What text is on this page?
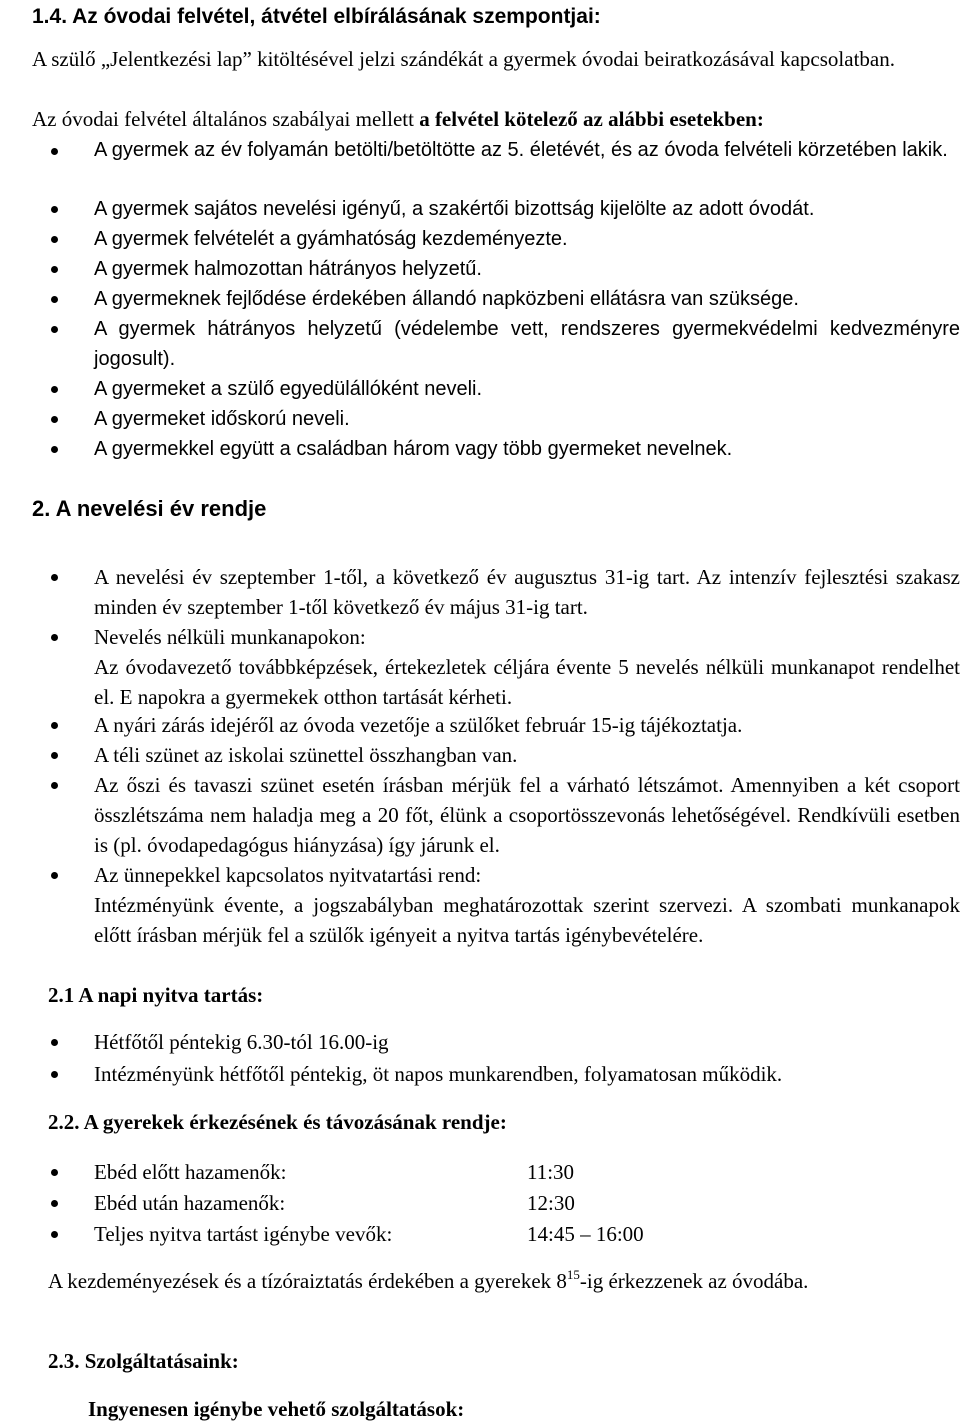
1.4. Az óvodai felvétel, átvétel elbírálásának szempontjai:
A szülő „Jelentkezési lap” kitöltésével jelzi szándékát a gyermek óvodai beiratkozásával kapcsolatban.
Az óvodai felvétel általános szabályai mellett a felvétel kötelező az alábbi esetekben:
A gyermek az év folyamán betölti/betöltötte az 5. életévét, és az óvoda felvételi körzetében lakik.
A gyermek sajátos nevelési igényű, a szakértői bizottság kijelölte az adott óvodát.
A gyermek felvételét a gyámhatóság kezdeményezte.
A gyermek halmozottan hátrányos helyzetű.
A gyermeknek fejlődése érdekében állandó napközbeni ellátásra van szüksége.
A gyermek hátrányos helyzetű (védelembe vett, rendszeres gyermekvédelmi kedvezményre jogosult).
A gyermeket a szülő egyedülállóként neveli.
A gyermeket időskorú neveli.
A gyermekkel együtt a családban három vagy több gyermeket nevelnek.
2. A nevelési év rendje
A nevelési év szeptember 1-től, a következő év augusztus 31-ig tart. Az intenzív fejlesztési szakasz minden év szeptember 1-től következő év május 31-ig tart.
Nevelés nélküli munkanapokon:
Az óvodavezető továbbképzések, értekezletek céljára évente 5 nevelés nélküli munkanapot rendelhet el. E napokra a gyermekek otthon tartását kérheti.
A nyári zárás idejéről az óvoda vezetője a szülőket február 15-ig tájékoztatja.
A téli szünet az iskolai szünettel összhangban van.
Az őszi és tavaszi szünet esetén írásban mérjük fel a várható létszámot. Amennyiben a két csoport összlétszáma nem haladja meg a 20 főt, élünk a csoportösszevonás lehetőségével. Rendkívüli esetben is (pl. óvodapedagógus hiányzása) így járunk el.
Az ünnepekkel kapcsolatos nyitvatartási rend:
Intézményünk évente, a jogszabályban meghatározottak szerint szervezi. A szombati munkanapok előtt írásban mérjük fel a szülők igényeit a nyitva tartás igénybevételére.
2.1 A napi nyitva tartás:
Hétfőtől péntekig 6.30-tól 16.00-ig
Intézményünk hétfőtől péntekig, öt napos munkarendben, folyamatosan működik.
2.2. A gyerekek érkezésének és távozásának rendje:
Ebéd előtt hazamenők:	11:30
Ebéd után hazamenők:	12:30
Teljes nyitva tartást igénybe vevők:	14:45 – 16:00
A kezdeményezések és a tízóraiztatás érdekében a gyerekek $8^{15}-ig$ érkezzenek az óvodába.
2.3. Szolgáltatásaink:
Ingyenesen igénybe vehető szolgáltatások:
